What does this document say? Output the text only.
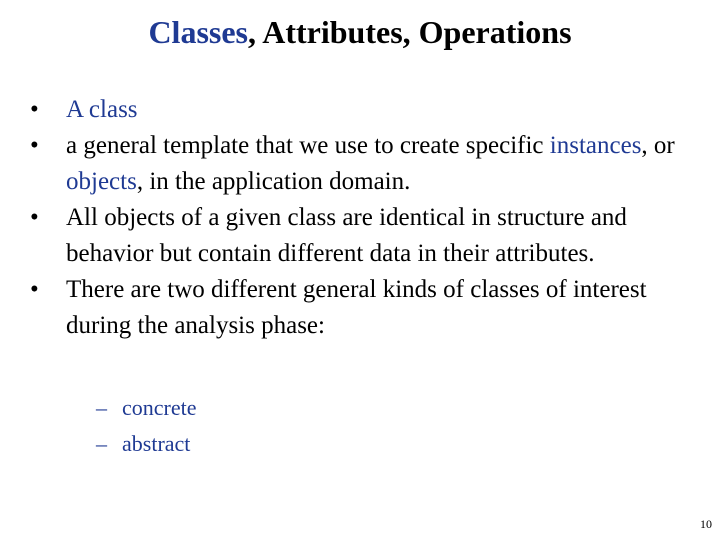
Classes, Attributes, Operations
•	A class
•	a general template that we use to create specific instances, or objects, in the application domain.
•	All objects of a given class are identical in structure and behavior but contain different data in their attributes.
•	There are two different general kinds of classes of interest during the analysis phase:
– concrete
– abstract
10
